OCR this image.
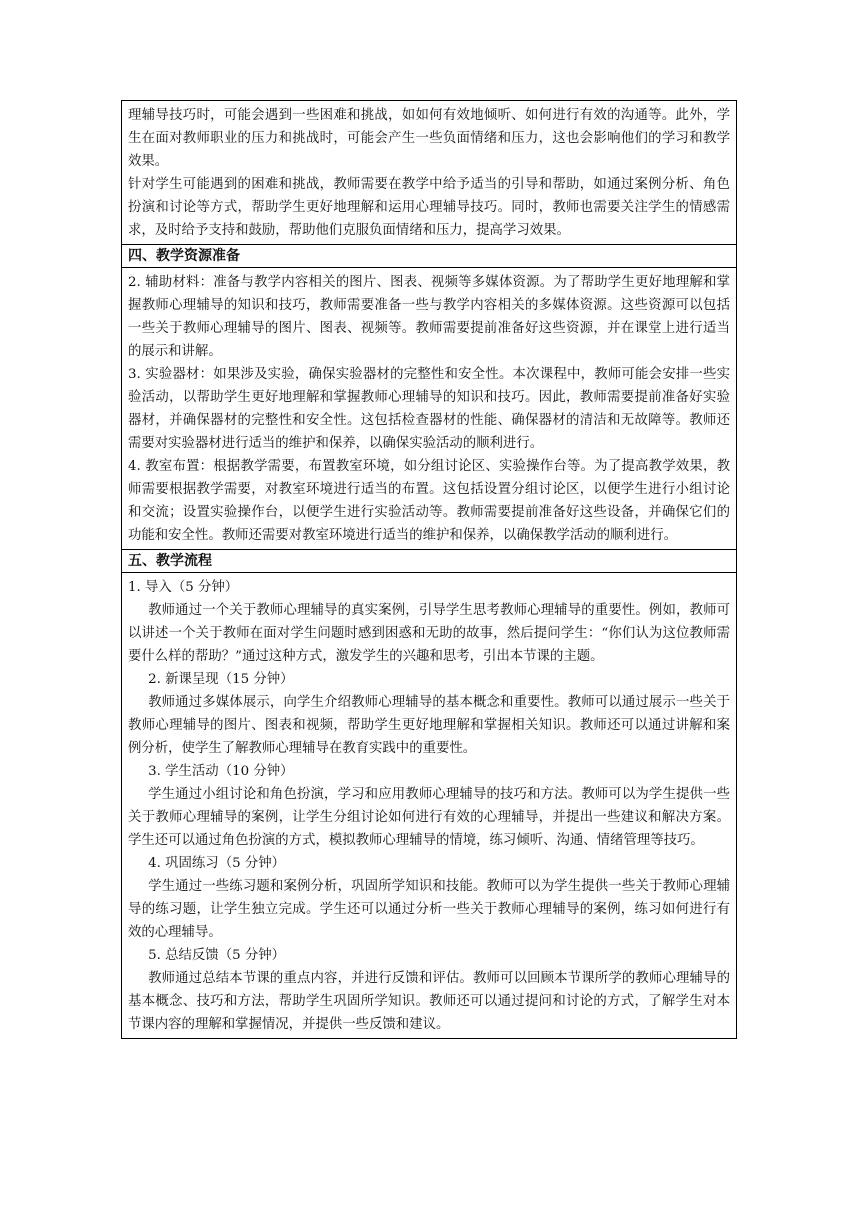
理辅导技巧时，可能会遇到一些困难和挑战，如如何有效地倾听、如何进行有效的沟通等。此外，学生在面对教师职业的压力和挑战时，可能会产生一些负面情绪和压力，这也会影响他们的学习和教学效果。

针对学生可能遇到的困难和挑战，教师需要在教学中给予适当的引导和帮助，如通过案例分析、角色扮演和讨论等方式，帮助学生更好地理解和运用心理辅导技巧。同时，教师也需要关注学生的情感需求，及时给予支持和鼓励，帮助他们克服负面情绪和压力，提高学习效果。

四、教学资源准备

2. 辅助材料：准备与教学内容相关的图片、图表、视频等多媒体资源。为了帮助学生更好地理解和掌握教师心理辅导的知识和技巧，教师需要准备一些与教学内容相关的多媒体资源。这些资源可以包括一些关于教师心理辅导的图片、图表、视频等。教师需要提前准备好这些资源，并在课堂上进行适当的展示和讲解。

3. 实验器材：如果涉及实验，确保实验器材的完整性和安全性。本次课程中，教师可能会安排一些实验活动，以帮助学生更好地理解和掌握教师心理辅导的知识和技巧。因此，教师需要提前准备好实验器材，并确保器材的完整性和安全性。这包括检查器材的性能、确保器材的清洁和无故障等。教师还需要对实验器材进行适当的维护和保养，以确保实验活动的顺利进行。

4. 教室布置：根据教学需要，布置教室环境，如分组讨论区、实验操作台等。为了提高教学效果，教师需要根据教学需要，对教室环境进行适当的布置。这包括设置分组讨论区，以便学生进行小组讨论和交流；设置实验操作台，以便学生进行实验活动等。教师需要提前准备好这些设备，并确保它们的功能和安全性。教师还需要对教室环境进行适当的维护和保养，以确保教学活动的顺利进行。

五、教学流程

1. 导入（5 分钟）

教师通过一个关于教师心理辅导的真实案例，引导学生思考教师心理辅导的重要性。例如，教师可以讲述一个关于教师在面对学生问题时感到困惑和无助的故事，然后提问学生：“你们认为这位教师需要什么样的帮助？”通过这种方式，激发学生的兴趣和思考，引出本节课的主题。

2. 新课呈现（15 分钟）

教师通过多媒体展示，向学生介绍教师心理辅导的基本概念和重要性。教师可以通过展示一些关于教师心理辅导的图片、图表和视频，帮助学生更好地理解和掌握相关知识。教师还可以通过讲解和案例分析，使学生了解教师心理辅导在教育实践中的重要性。

3. 学生活动（10 分钟）

学生通过小组讨论和角色扮演，学习和应用教师心理辅导的技巧和方法。教师可以为学生提供一些关于教师心理辅导的案例，让学生分组讨论如何进行有效的心理辅导，并提出一些建议和解决方案。学生还可以通过角色扮演的方式，模拟教师心理辅导的情境，练习倾听、沟通、情绪管理等技巧。

4. 巩固练习（5 分钟）

学生通过一些练习题和案例分析，巩固所学知识和技能。教师可以为学生提供一些关于教师心理辅导的练习题，让学生独立完成。学生还可以通过分析一些关于教师心理辅导的案例，练习如何进行有效的心理辅导。

5. 总结反馈（5 分钟）

教师通过总结本节课的重点内容，并进行反馈和评估。教师可以回顾本节课所学的教师心理辅导的基本概念、技巧和方法，帮助学生巩固所学知识。教师还可以通过提问和讨论的方式，了解学生对本节课内容的理解和掌握情况，并提供一些反馈和建议。
